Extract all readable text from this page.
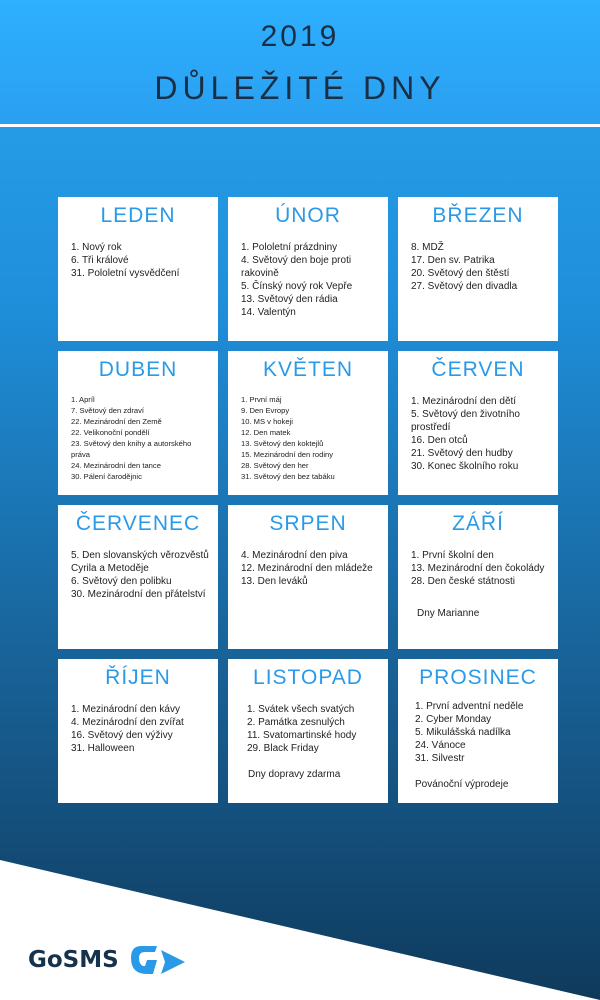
2019
DŮLEŽITÉ DNY
LEDEN
1. Nový rok
6. Tři králové
31. Pololetní vysvědčení
ÚNOR
1. Pololetní prázdniny
4. Světový den boje proti rakovině
5. Čínský nový rok Vepře
13. Světový den rádia
14. Valentýn
BŘEZEN
8. MDŽ
17. Den sv. Patrika
20. Světový den štěstí
27. Světový den divadla
DUBEN
1. Apríl
7. Světový den zdraví
22. Mezinárodní den Země
22. Velikonoční pondělí
23. Světový den knihy a autorského práva
24. Mezinárodní den tance
30. Pálení čarodějnic
KVĚTEN
1. První máj
9. Den Evropy
10. MS v hokeji
12. Den matek
13. Světový den koktejlů
15. Mezinárodní den rodiny
28. Světový den her
31. Světový den bez tabáku
ČERVEN
1. Mezinárodní den dětí
5. Světový den životního prostředí
16. Den otců
21. Světový den hudby
30. Konec školního roku
ČERVENEC
5. Den slovanských věrozvěstů Cyrila a Metoděje
6. Světový den polibku
30. Mezinárodní den přátelství
SRPEN
4. Mezinárodní den piva
12. Mezinárodní den mládeže
13. Den leváků
ZÁŘÍ
1. První školní den
13. Mezinárodní den čokolády
28. Den české státnosti
Dny Marianne
ŘÍJEN
1. Mezinárodní den kávy
4. Mezinárodní den zvířat
16. Světový den výživy
31. Halloween
LISTOPAD
1. Svátek všech svatých
2. Památka zesnulých
11. Svatomartinské hody
29. Black Friday
Dny dopravy zdarma
PROSINEC
1. První adventní neděle
2. Cyber Monday
5. Mikulášská nadílka
24. Vánoce
31. Silvestr
Povánoční výprodeje
GoSMS
